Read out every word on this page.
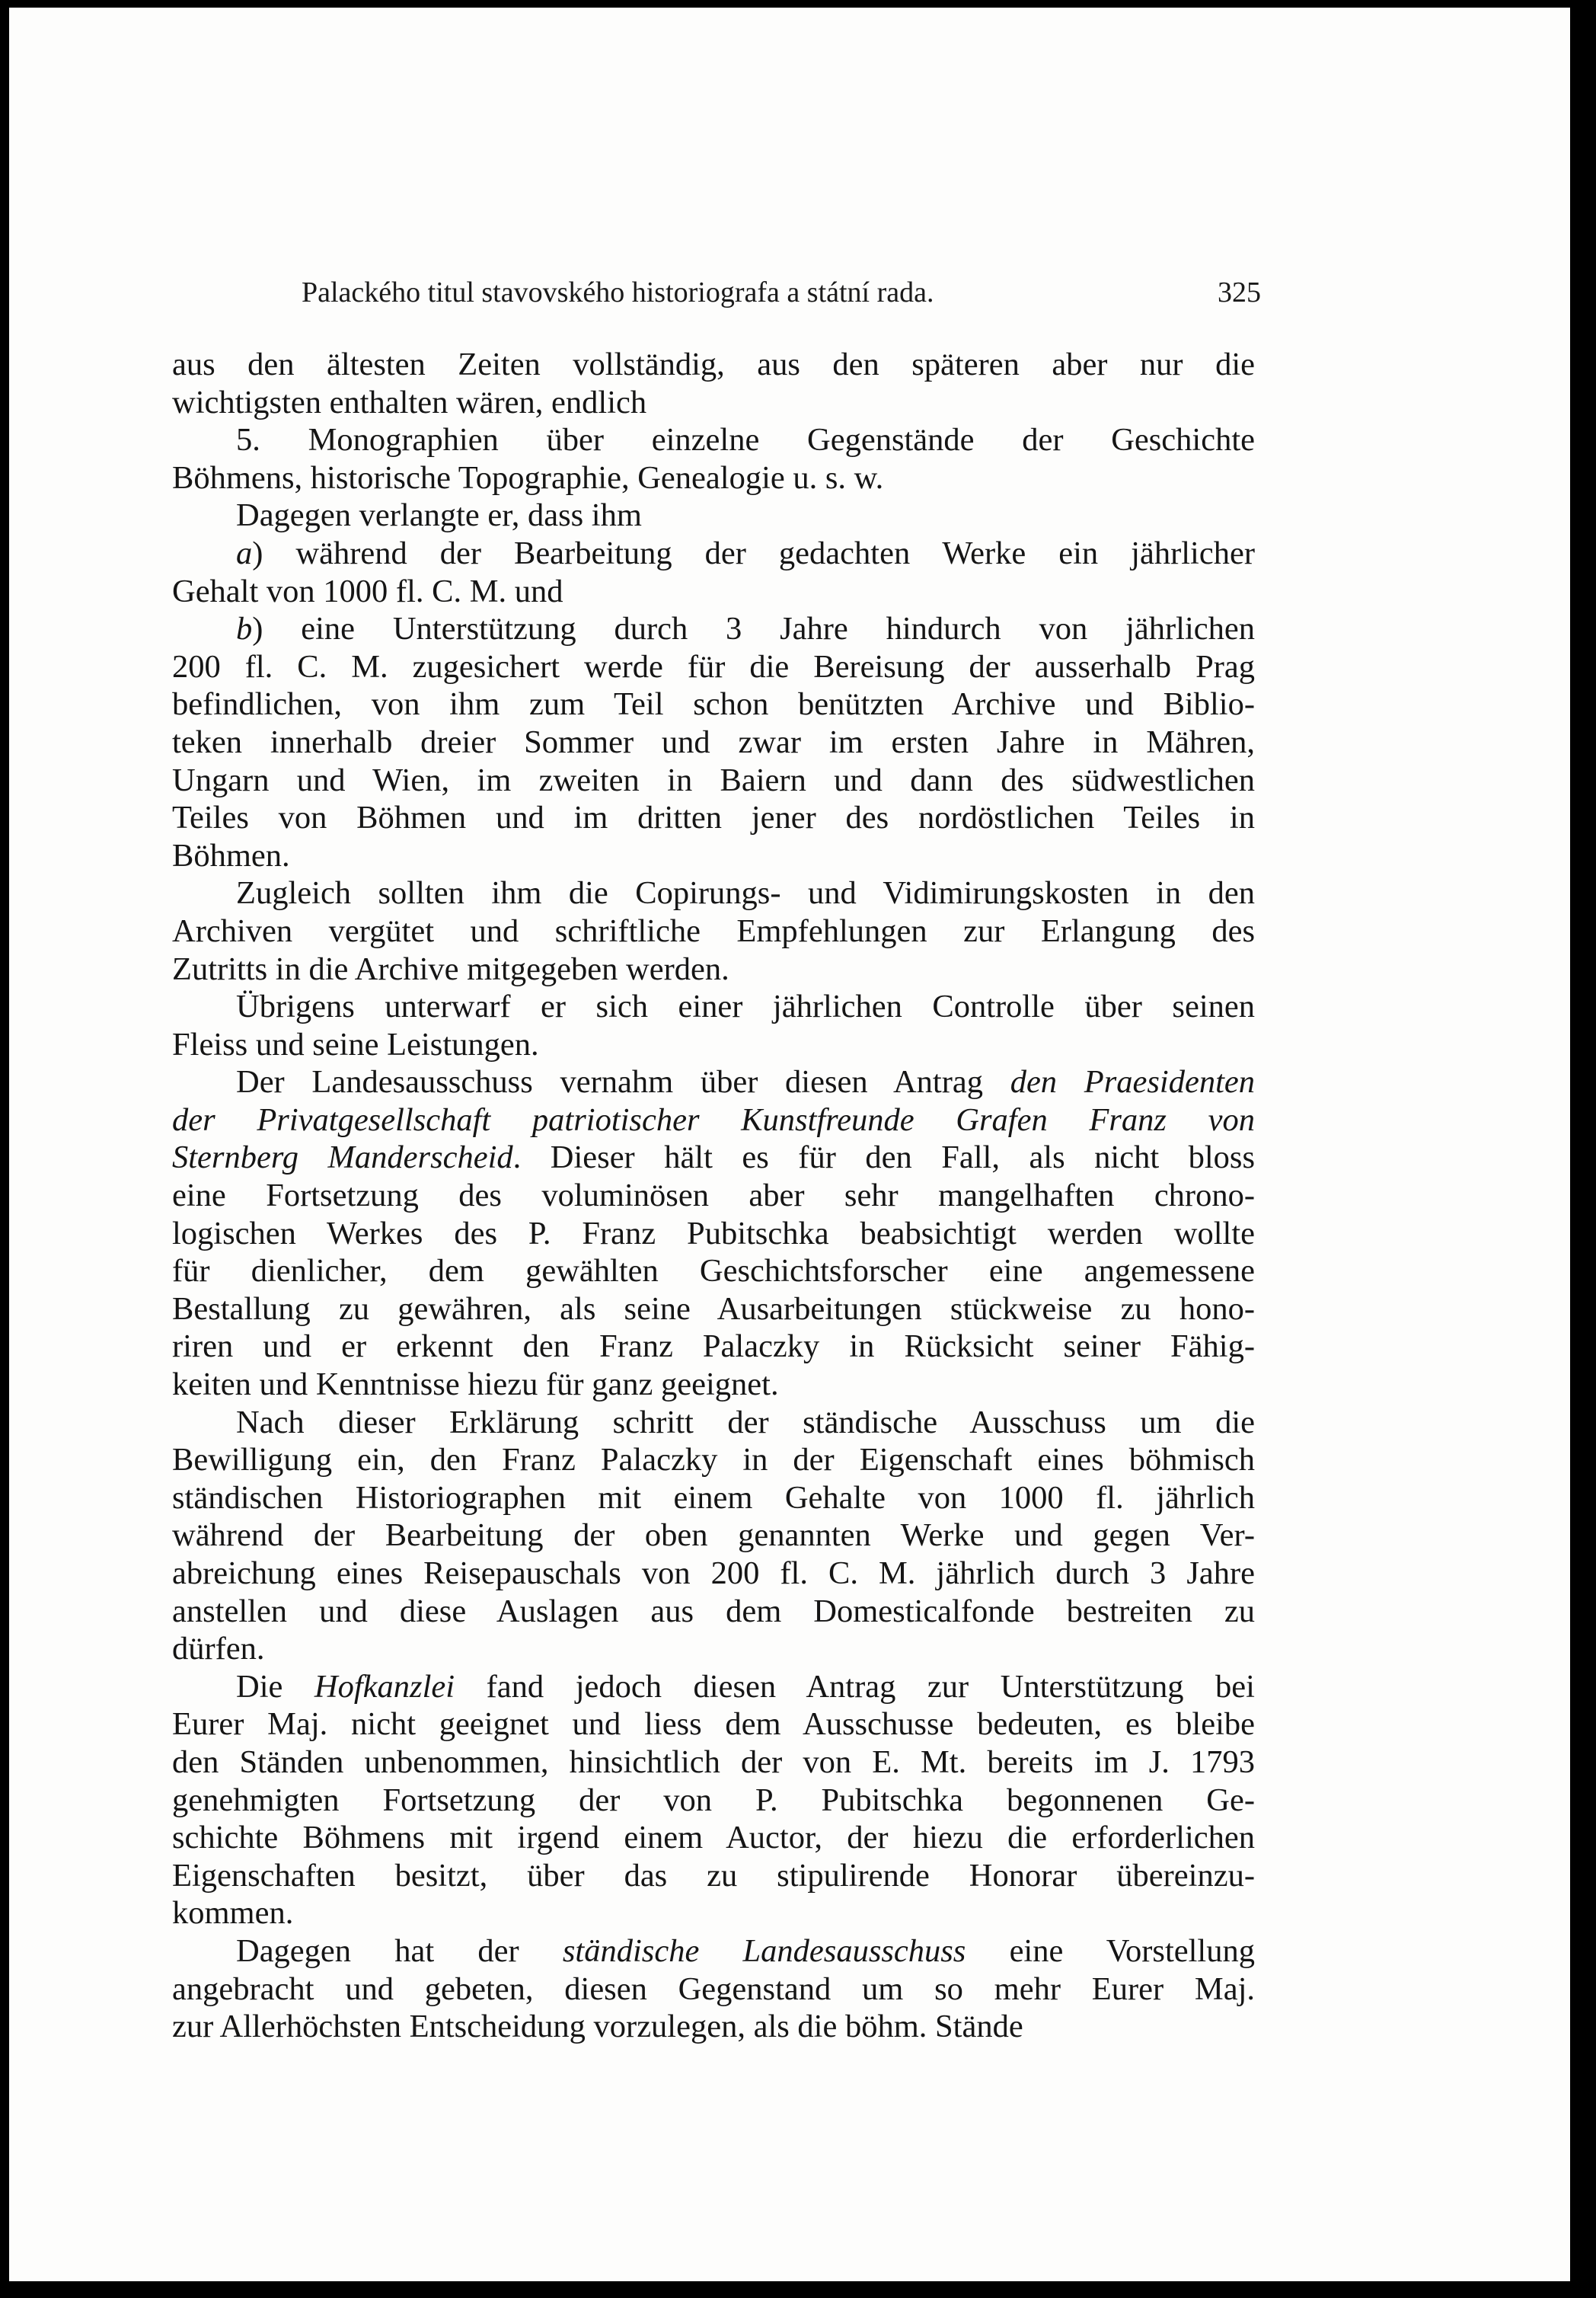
Palackého titul stavovského historiografa a státní rada.	325

aus den ältesten Zeiten vollständig, aus den späteren aber nur die

wichtigsten enthalten wären, endlich

5. Monographien über einzelne Gegenstände der Geschichte

Böhmens, historische Topographie, Genealogie u. s. w.

Dagegen verlangte er, dass ihm

a) während der Bearbeitung der gedachten Werke ein jährlicher

Gehalt von 1000 fl. C. M. und

b) eine Unterstützung durch 3 Jahre hindurch von jährlichen

200 fl. C. M. zugesichert werde für die Bereisung der ausserhalb Prag

befindlichen, von ihm zum Teil schon benützten Archive und Biblio-

teken innerhalb dreier Sommer und zwar im ersten Jahre in Mähren,

Ungarn und Wien, im zweiten in Baiern und dann des südwestlichen

Teiles von Böhmen und im dritten jener des nordöstlichen Teiles in

Böhmen.

Zugleich sollten ihm die Copirungs- und Vidimirungskosten in den

Archiven vergütet und schriftliche Empfehlungen zur Erlangung des

Zutritts in die Archive mitgegeben werden.

Übrigens unterwarf er sich einer jährlichen Controlle über seinen

Fleiss und seine Leistungen.

Der Landesausschuss vernahm über diesen Antrag den Praesidenten

der Privatgesellschaft patriotischer Kunstfreunde Grafen Franz von

Sternberg Manderscheid. Dieser hält es für den Fall, als nicht bloss

eine Fortsetzung des voluminösen aber sehr mangelhaften chrono-

logischen Werkes des P. Franz Pubitschka beabsichtigt werden wollte

für dienlicher, dem gewählten Geschichtsforscher eine angemessene

Bestallung zu gewähren, als seine Ausarbeitungen stückweise zu hono-

riren und er erkennt den Franz Palaczky in Rücksicht seiner Fähig-

keiten und Kenntnisse hiezu für ganz geeignet.

Nach dieser Erklärung schritt der ständische Ausschuss um die

Bewilligung ein, den Franz Palaczky in der Eigenschaft eines böhmisch

ständischen Historiographen mit einem Gehalte von 1000 fl. jährlich

während der Bearbeitung der oben genannten Werke und gegen Ver-

abreichung eines Reisepauschals von 200 fl. C. M. jährlich durch 3 Jahre

anstellen und diese Auslagen aus dem Domesticalfonde bestreiten zu

dürfen.

Die Hofkanzlei fand jedoch diesen Antrag zur Unterstützung bei

Eurer Maj. nicht geeignet und liess dem Ausschusse bedeuten, es bleibe

den Ständen unbenommen, hinsichtlich der von E. Mt. bereits im J. 1793

genehmigten Fortsetzung der von P. Pubitschka begonnenen Ge-

schichte Böhmens mit irgend einem Auctor, der hiezu die erforderlichen

Eigenschaften besitzt, über das zu stipulirende Honorar übereinzu-

kommen.

Dagegen hat der ständische Landesausschuss eine Vorstellung

angebracht und gebeten, diesen Gegenstand um so mehr Eurer Maj.

zur Allerhöchsten Entscheidung vorzulegen, als die böhm. Stände
